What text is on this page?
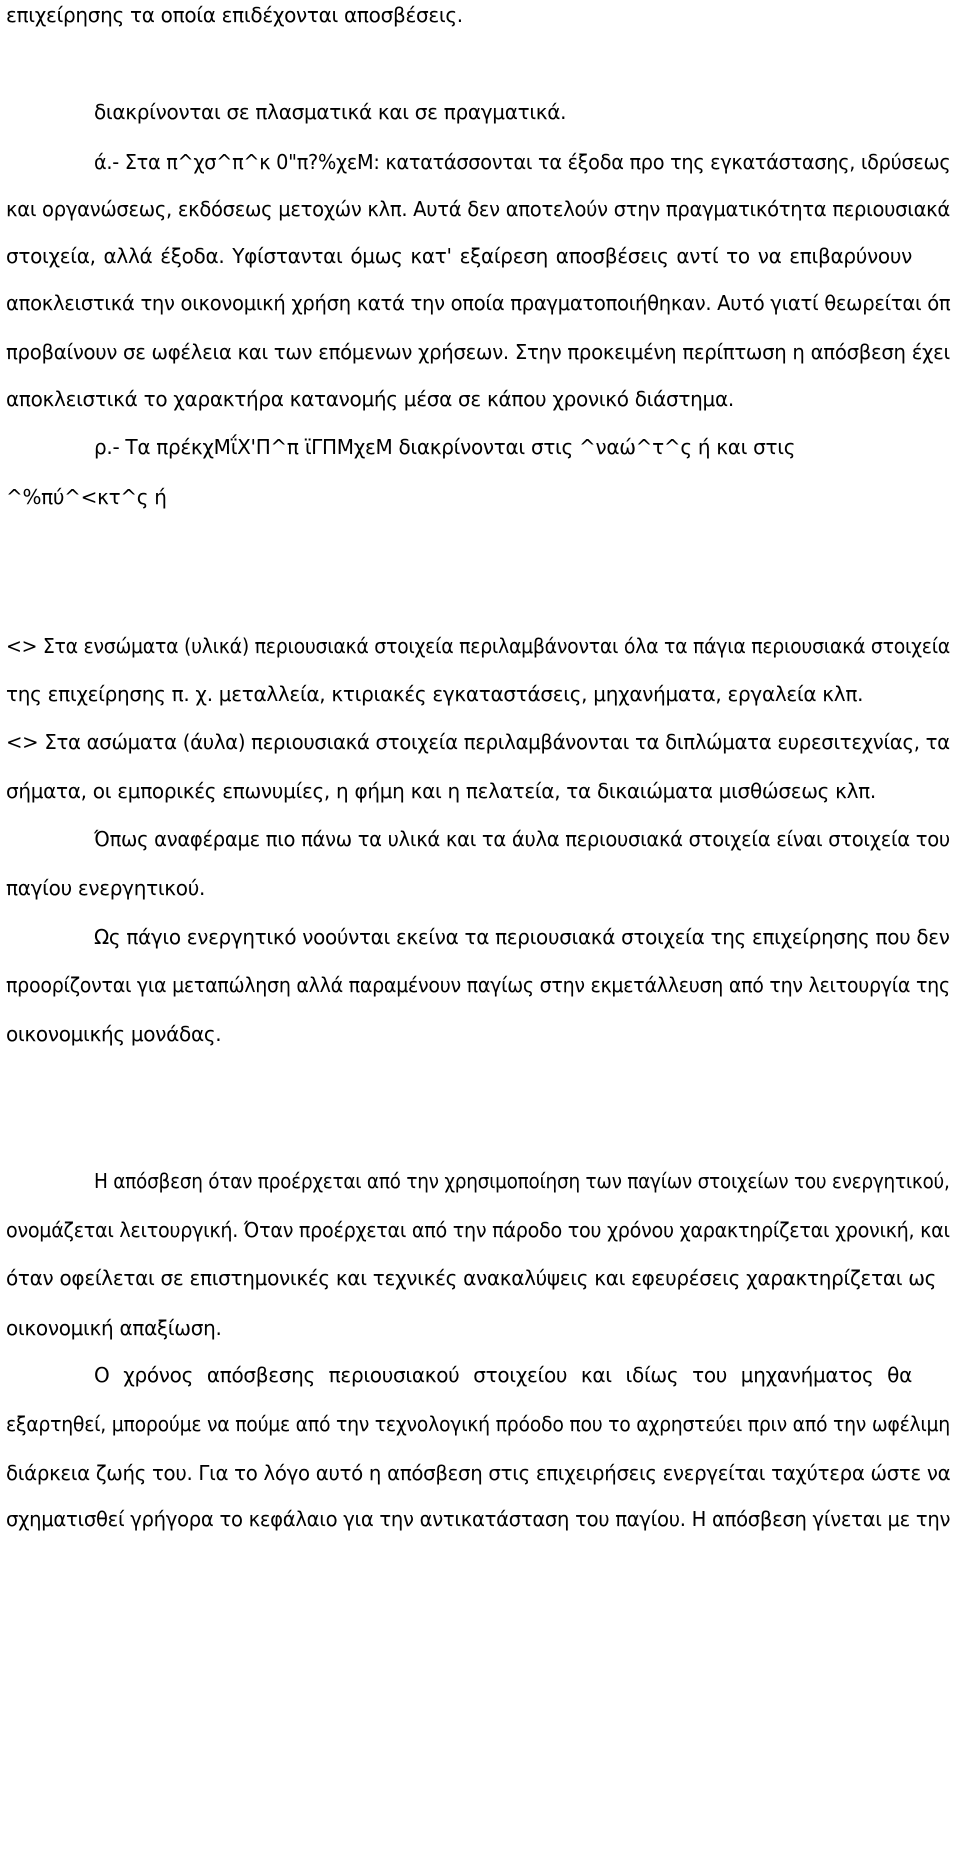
επιχείρησης τα οποία επιδέχονται αποσβέσεις.
διακρίνονται σε πλασματικά και σε πραγματικά.
ά.- Στα π^χσ^π^κ 0"π?%χεΜ: κατατάσσονται τα έξοδα προ της εγκατάστασης, ιδρύσεως
και οργανώσεως, εκδόσεως μετοχών κλπ. Αυτά δεν αποτελούν στην πραγματικότητα περιουσιακά
στοιχεία, αλλά έξοδα. Υφίστανται όμως κατ' εξαίρεση αποσβέσεις αντί το να επιβαρύνουν
αποκλειστικά την οικονομική χρήση κατά την οποία πραγματοποιήθηκαν. Αυτό γιατί θεωρείται όπ
προβαίνουν σε ωφέλεια και των επόμενων χρήσεων. Στην προκειμένη περίπτωση η απόσβεση έχει
αποκλειστικά το χαρακτήρα κατανομής μέσα σε κάπου χρονικό διάστημα.
ρ.- Τα πρέκχΜΐΧ'Π^π ϊΓΠΜχεΜ διακρίνονται στις ^ναώ^τ^ς ή και στις
^%πύ^<κτ^ς ή
<> Στα ενσώματα (υλικά) περιουσιακά στοιχεία περιλαμβάνονται όλα τα πάγια περιουσιακά στοιχεία
της επιχείρησης π. χ. μεταλλεία, κτιριακές εγκαταστάσεις, μηχανήματα, εργαλεία κλπ.
<> Στα ασώματα (άυλα) περιουσιακά στοιχεία περιλαμβάνονται τα διπλώματα ευρεσιτεχνίας, τα
σήματα, οι εμπορικές επωνυμίες, η φήμη και η πελατεία, τα δικαιώματα μισθώσεως κλπ.
Όπως αναφέραμε πιο πάνω τα υλικά και τα άυλα περιουσιακά στοιχεία είναι στοιχεία του
παγίου ενεργητικού.
Ως πάγιο ενεργητικό νοούνται εκείνα τα περιουσιακά στοιχεία της επιχείρησης που δεν
προορίζονται για μεταπώληση αλλά παραμένουν παγίως στην εκμετάλλευση από την λειτουργία της
οικονομικής μονάδας.
Η απόσβεση όταν προέρχεται από την χρησιμοποίηση των παγίων στοιχείων του ενεργητικού,
ονομάζεται λειτουργική. Όταν προέρχεται από την πάροδο του χρόνου χαρακτηρίζεται χρονική, και
όταν οφείλεται σε επιστημονικές και τεχνικές ανακαλύψεις και εφευρέσεις χαρακτηρίζεται ως
οικονομική απαξίωση.
Ο χρόνος απόσβεσης περιουσιακού στοιχείου και ιδίως του μηχανήματος θα
εξαρτηθεί, μπορούμε να πούμε από την τεχνολογική πρόοδο που το αχρηστεύει πριν από την ωφέλιμη
διάρκεια ζωής του. Για το λόγο αυτό η απόσβεση στις επιχειρήσεις ενεργείται ταχύτερα ώστε να
σχηματισθεί γρήγορα το κεφάλαιο για την αντικατάσταση του παγίου. Η απόσβεση γίνεται με την
